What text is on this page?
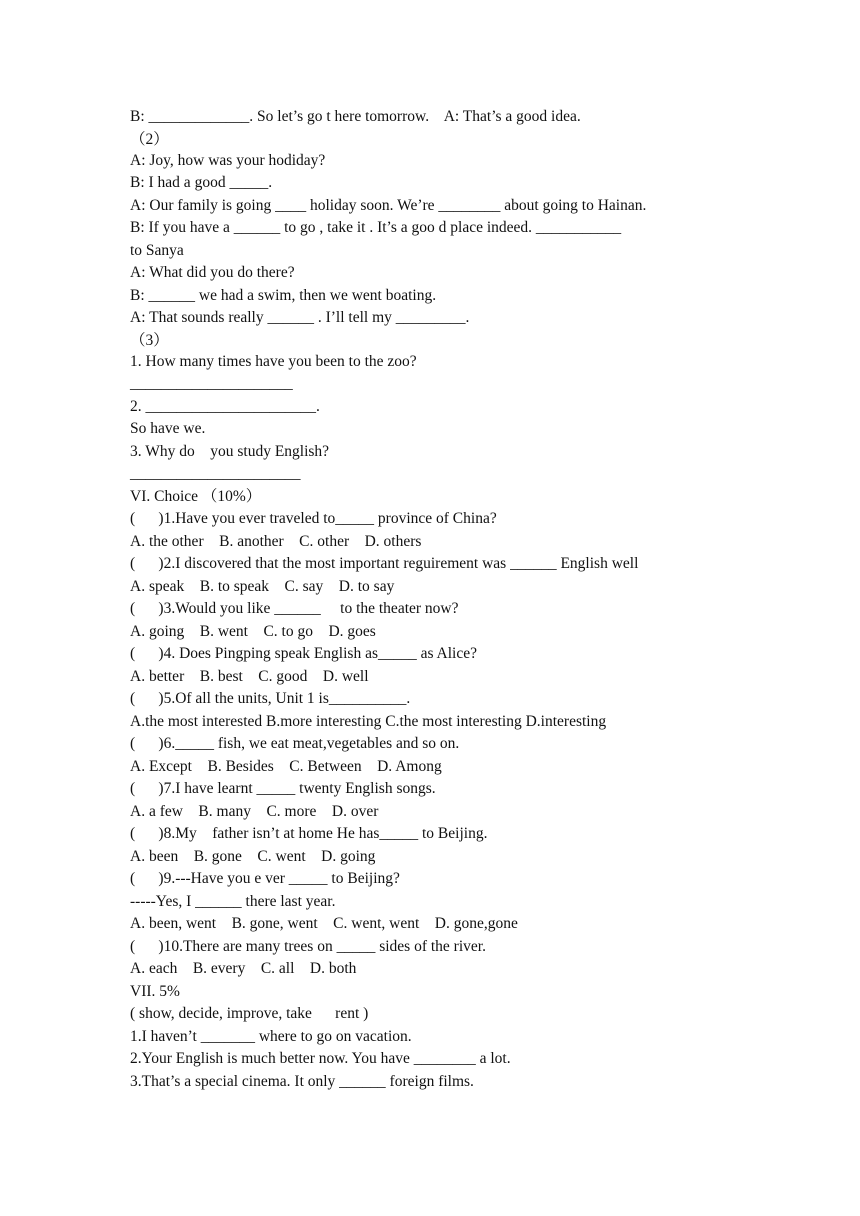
B: _____________. So let’s go t here tomorrow.    A: That’s a good idea.
（2）
A: Joy, how was your hodiday?
B: I had a good _____.
A: Our family is going ____ holiday soon. We’re ________ about going to Hainan.
B: If you have a ______ to go , take it . It’s a goo d place indeed. ___________
to Sanya
A: What did you do there?
B: ______ we had a swim, then we went boating.
A: That sounds really ______ . I’ll tell my _________.
（3）
1. How many times have you been to the zoo?
_____________________
2. ______________________.
So have we.
3. Why do    you study English?
______________________
VI. Choice （10%）
(      )1.Have you ever traveled to_____ province of China?
A. the other    B. another    C. other    D. others
(      )2.I discovered that the most important reguirement was ______ English well
A. speak    B. to speak    C. say    D. to say
(      )3.Would you like ______     to the theater now?
A. going    B. went    C. to go    D. goes
(      )4. Does Pingping speak English as_____ as Alice?
A. better    B. best    C. good    D. well
(      )5.Of all the units, Unit 1 is__________.
A.the most interested B.more interesting C.the most interesting D.interesting
(      )6._____ fish, we eat meat,vegetables and so on.
A. Except    B. Besides    C. Between    D. Among
(      )7.I have learnt _____ twenty English songs.
A. a few    B. many    C. more    D. over
(      )8.My    father isn’t at home He has_____ to Beijing.
A. been    B. gone    C. went    D. going
(      )9.---Have you e ver _____ to Beijing?
-----Yes, I ______ there last year.
A. been, went    B. gone, went    C. went, went    D. gone,gone
(      )10.There are many trees on _____ sides of the river.
A. each    B. every    C. all    D. both
VII. 5%
( show, decide, improve, take      rent )
1.I haven’t _______ where to go on vacation.
2.Your English is much better now. You have ________ a lot.
3.That’s a special cinema. It only ______ foreign films.
